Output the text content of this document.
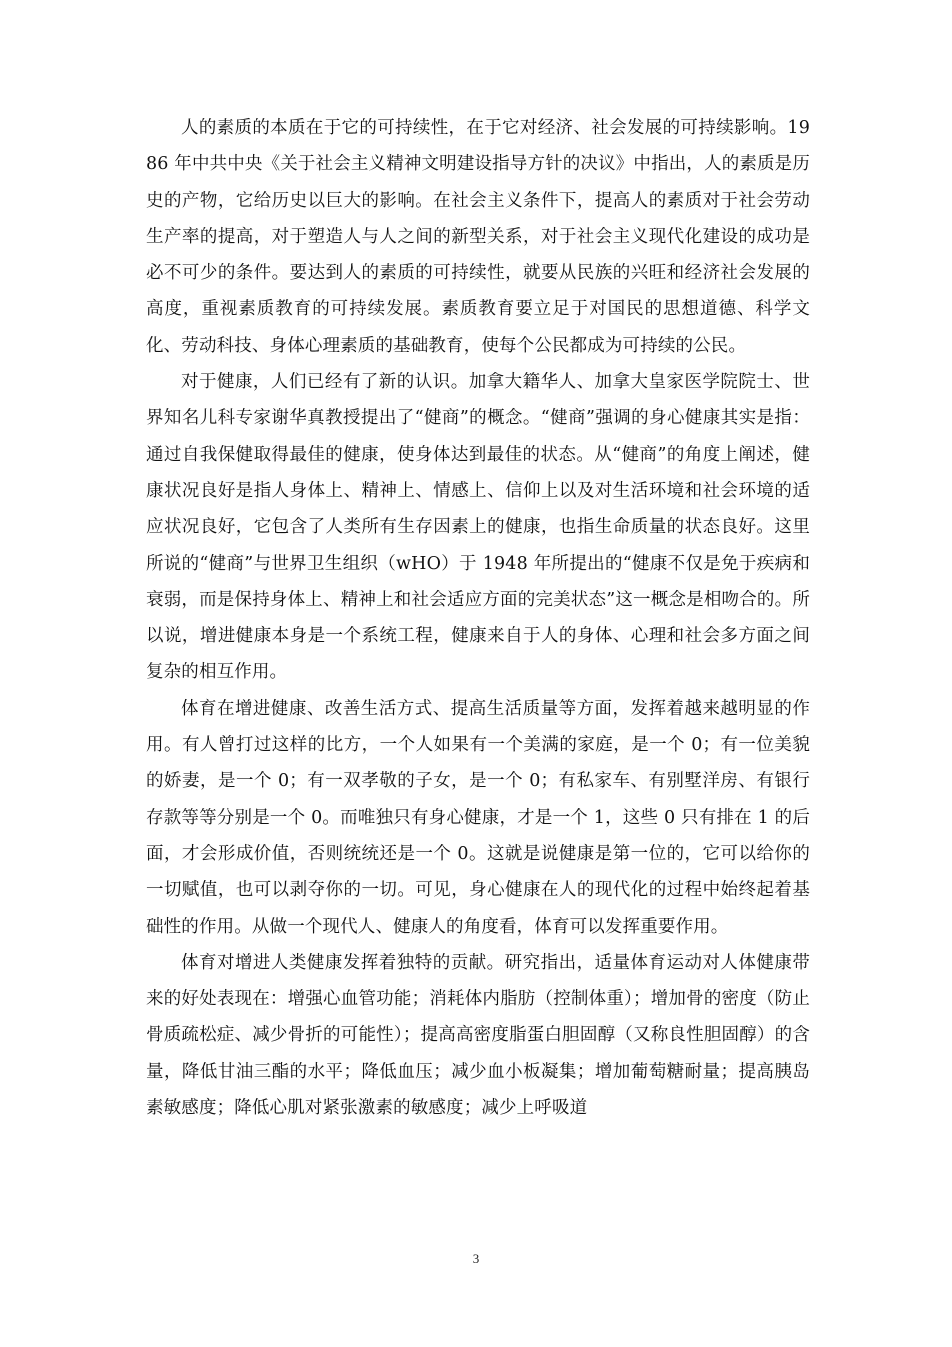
人的素质的本质在于它的可持续性，在于它对经济、社会发展的可持续影响。1986 年中共中央《关于社会主义精神文明建设指导方针的决议》中指出，人的素质是历史的产物，它给历史以巨大的影响。在社会主义条件下，提高人的素质对于社会劳动生产率的提高，对于塑造人与人之间的新型关系，对于社会主义现代化建设的成功是必不可少的条件。要达到人的素质的可持续性，就要从民族的兴旺和经济社会发展的高度，重视素质教育的可持续发展。素质教育要立足于对国民的思想道德、科学文化、劳动科技、身体心理素质的基础教育，使每个公民都成为可持续的公民。

对于健康，人们已经有了新的认识。加拿大籍华人、加拿大皇家医学院院士、世界知名儿科专家谢华真教授提出了“健商”的概念。“健商”强调的身心健康其实是指：通过自我保健取得最佳的健康，使身体达到最佳的状态。从“健商”的角度上阐述，健康状况良好是指人身体上、精神上、情感上、信仰上以及对生活环境和社会环境的适应状况良好，它包含了人类所有生存因素上的健康，也指生命质量的状态良好。这里所说的“健商”与世界卫生组织（wHO）于 1948 年所提出的“健康不仅是免于疾病和衰弱，而是保持身体上、精神上和社会适应方面的完美状态”这一概念是相吻合的。所以说，增进健康本身是一个系统工程，健康来自于人的身体、心理和社会多方面之间复杂的相互作用。

体育在增进健康、改善生活方式、提高生活质量等方面，发挥着越来越明显的作用。有人曾打过这样的比方，一个人如果有一个美满的家庭，是一个 0；有一位美貌的娇妻，是一个 0；有一双孝敬的子女，是一个 0；有私家车、有别墅洋房、有银行存款等等分别是一个 0。而唯独只有身心健康，才是一个 1，这些 0 只有排在 1 的后面，才会形成价值，否则统统还是一个 0。这就是说健康是第一位的，它可以给你的一切赋值，也可以剥夺你的一切。可见，身心健康在人的现代化的过程中始终起着基础性的作用。从做一个现代人、健康人的角度看，体育可以发挥重要作用。

体育对增进人类健康发挥着独特的贡献。研究指出，适量体育运动对人体健康带来的好处表现在：增强心血管功能；消耗体内脂肪（控制体重）；增加骨的密度（防止骨质疏松症、减少骨折的可能性）；提高高密度脂蛋白胆固醇（又称良性胆固醇）的含量，降低甘油三酯的水平；降低血压；减少血小板凝集；增加葡萄糖耐量；提高胰岛素敏感度；降低心肌对紧张激素的敏感度；减少上呼吸道

3
